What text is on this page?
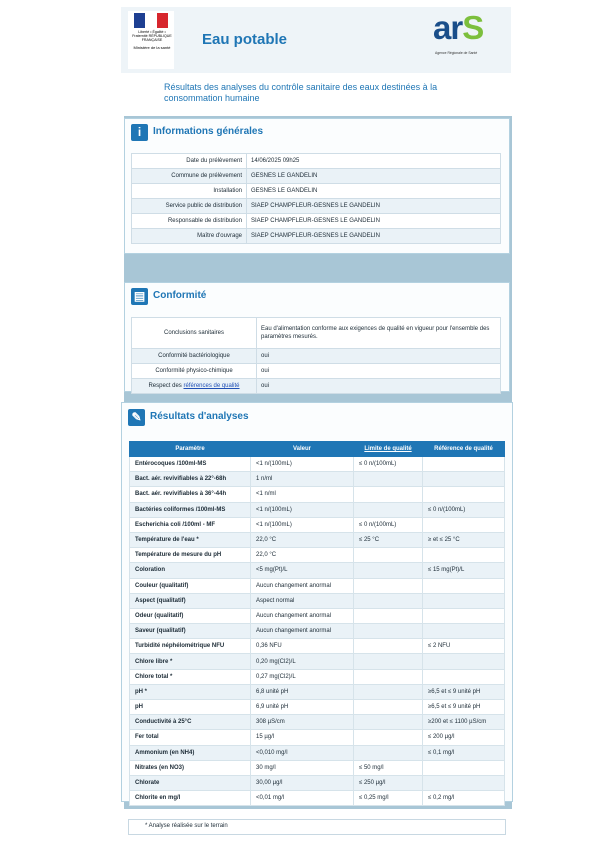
Liberté • Égalité • Fraternité RÉPUBLIQUE FRANÇAISE
Ministère de la santé Eau potable	arS
Agence Régionale de Santé
Résultats des analyses du contrôle sanitaire des eaux destinées à la consommation humaine
i	Informations générales
Date du prélèvement	14/06/2025 09h25
Commune de prélèvement	GESNES LE GANDELIN
Installation	GESNES LE GANDELIN
Service public de distribution	SIAEP CHAMPFLEUR-GESNES LE GANDELIN
Responsable de distribution	SIAEP CHAMPFLEUR-GESNES LE GANDELIN
Maître d'ouvrage	SIAEP CHAMPFLEUR-GESNES LE GANDELIN
▤ Conformité
Conclusions sanitaires	Eau d'alimentation conforme aux exigences de qualité en vigueur pour l'ensemble des paramètres mesurés.
Conformité bactériologique	oui
Conformité physico-chimique	oui
Respect des références de qualité	oui
✎ Résultats d'analyses
Paramètre	Valeur	Limite de qualité	Référence de qualité
Entérocoques /100ml-MS	<1 n/(100mL)	≤ 0 n/(100mL)	
Bact. aér. revivifiables à 22°-68h	1 n/ml		
Bact. aér. revivifiables à 36°-44h	<1 n/ml		
Bactéries coliformes /100ml-MS	<1 n/(100mL)		≤ 0 n/(100mL)
Escherichia coli /100ml - MF	<1 n/(100mL)	≤ 0 n/(100mL)	
Température de l'eau *	22,0 °C	≤ 25 °C	≥ et ≤ 25 °C
Température de mesure du pH	22,0 °C		
Coloration	<5 mg(Pt)/L		≤ 15 mg(Pt)/L
Couleur (qualitatif)	Aucun changement anormal		
Aspect (qualitatif)	Aspect normal		
Odeur (qualitatif)	Aucun changement anormal		
Saveur (qualitatif)	Aucun changement anormal		
Turbidité néphélométrique NFU	0,36 NFU		≤ 2 NFU
Chlore libre *	0,20 mg(Cl2)/L		
Chlore total *	0,27 mg(Cl2)/L		
pH *	6,8 unité pH		≥6,5 et ≤ 9 unité pH
pH	6,9 unité pH		≥6,5 et ≤ 9 unité pH
Conductivité à 25°C	308 µS/cm		≥200 et ≤ 1100 µS/cm
Fer total	15 µg/l		≤ 200 µg/l
Ammonium (en NH4)	<0,010 mg/l		≤ 0,1 mg/l
Nitrates (en NO3)	30 mg/l	≤ 50 mg/l	
Chlorate	30,00 µg/l	≤ 250 µg/l	
Chlorite en mg/l	<0,01 mg/l	≤ 0,25 mg/l	≤ 0,2 mg/l
* Analyse réalisée sur le terrain
